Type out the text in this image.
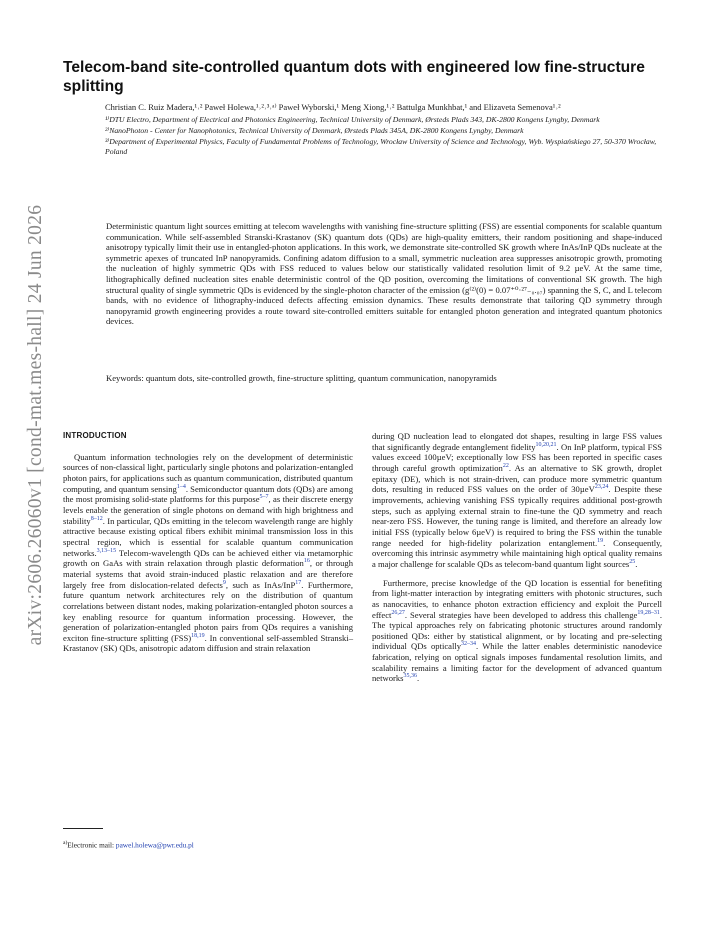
arXiv:2606.26060v1 [cond-mat.mes-hall] 24 Jun 2026
Telecom-band site-controlled quantum dots with engineered low fine-structure splitting
Christian C. Ruiz Madera,¹˒² Paweł Holewa,¹˒²˒³˒ᵃ⁾ Paweł Wyborski,¹ Meng Xiong,¹˒² Battulga Munkhbat,¹ and Elizaveta Semenova¹˒²
¹⁾DTU Electro, Department of Electrical and Photonics Engineering, Technical University of Denmark, Ørsteds Plads 343, DK-2800 Kongens Lyngby, Denmark
²⁾NanoPhoton - Center for Nanophotonics, Technical University of Denmark, Ørsteds Plads 345A, DK-2800 Kongens Lyngby, Denmark
³⁾Department of Experimental Physics, Faculty of Fundamental Problems of Technology, Wrocław University of Science and Technology, Wyb. Wyspiańskiego 27, 50-370 Wrocław, Poland

Deterministic quantum light sources emitting at telecom wavelengths with vanishing fine-structure splitting (FSS) are essential components for scalable quantum communication. While self-assembled Stranski-Krastanov (SK) quantum dots (QDs) are high-quality emitters, their random positioning and shape-induced anisotropy typically limit their use in entangled-photon applications. In this work, we demonstrate site-controlled SK growth where InAs/InP QDs nucleate at the symmetric apexes of truncated InP nanopyramids. Confining adatom diffusion to a small, symmetric nucleation area suppresses anisotropic growth, promoting the nucleation of highly symmetric QDs with FSS reduced to values below our statistically validated resolution limit of 9.2 µeV. At the same time, lithographically defined nucleation sites enable deterministic control of the QD position, overcoming the limitations of conventional SK growth. The high structural quality of single symmetric QDs is evidenced by the single-photon character of the emission (g⁽²⁾(0) = 0.07⁺⁰·²⁷₋₀.₀₇) spanning the S, C, and L telecom bands, with no evidence of lithography-induced defects affecting emission dynamics. These results demonstrate that tailoring QD symmetry through nanopyramid growth engineering provides a route toward site-controlled emitters suitable for entangled photon generation and integrated quantum photonics devices.

Keywords: quantum dots, site-controlled growth, fine-structure splitting, quantum communication, nanopyramids

INTRODUCTION

Quantum information technologies rely on the development of deterministic sources of non-classical light, particularly single photons and polarization-entangled photon pairs, for applications such as quantum communication, distributed quantum computing, and quantum sensing$^{1-4}$. Semiconductor quantum dots (QDs) are among the most promising solid-state platforms for this purpose$^{5-7}$, as their discrete energy levels enable the generation of single photons on demand with high brightness and stability$^{8-12}$. In particular, QDs emitting in the telecom wavelength range are highly attractive because existing optical fibers exhibit minimal transmission loss in this spectral region, which is essential for scalable quantum communication networks.$^{3,13-15}$ Telecom-wavelength QDs can be achieved either via metamorphic growth on GaAs with strain relaxation through plastic deformation$^{16}$, or through material systems that avoid strain-induced plastic relaxation and are therefore largely free from dislocation-related defects$^9$, such as InAs/InP$^{17}$. Furthermore, future quantum network architectures rely on the distribution of quantum correlations between distant nodes, making polarization-entangled photon sources a key enabling resource for quantum information processing. However, the generation of polarization-entangled photon pairs from QDs requires a vanishing exciton fine-structure splitting (FSS)$^{18,19}$. In conventional self-assembled Stranski–Krastanov (SK) QDs, anisotropic adatom diffusion and strain relaxation

during QD nucleation lead to elongated dot shapes, resulting in large FSS values that significantly degrade entanglement fidelity$^{10,20,21}$. On InP platform, typical FSS values exceed 100µeV; exceptionally low FSS has been reported in specific cases through careful growth optimization$^{22}$. As an alternative to SK growth, droplet epitaxy (DE), which is not strain-driven, can produce more symmetric quantum dots, resulting in reduced FSS values on the order of 30µeV$^{23,24}$. Despite these improvements, achieving vanishing FSS typically requires additional post-growth steps, such as applying external strain to fine-tune the QD symmetry and reach near-zero FSS. However, the tuning range is limited, and therefore an already low initial FSS (typically below 6µeV) is required to bring the FSS within the tunable range needed for high-fidelity polarization entanglement.$^{19}$. Consequently, overcoming this intrinsic asymmetry while maintaining high optical quality remains a major challenge for scalable QDs as telecom-band quantum light sources$^{25}$.

Furthermore, precise knowledge of the QD location is essential for benefiting from light-matter interaction by integrating emitters with photonic structures, such as nanocavities, to enhance photon extraction efficiency and exploit the Purcell effect$^{26,27}$. Several strategies have been developed to address this challenge$^{19,28-31}$. The typical approaches rely on fabricating photonic structures around randomly positioned QDs: either by statistical alignment, or by locating and pre-selecting individual QDs optically$^{32-34}$. While the latter enables deterministic nanodevice fabrication, relying on optical signals imposes fundamental resolution limits, and scalability remains a limiting factor for the development of advanced quantum networks$^{35,36}$.

$^{a)}$Electronic mail: pawel.holewa@pwr.edu.pl
